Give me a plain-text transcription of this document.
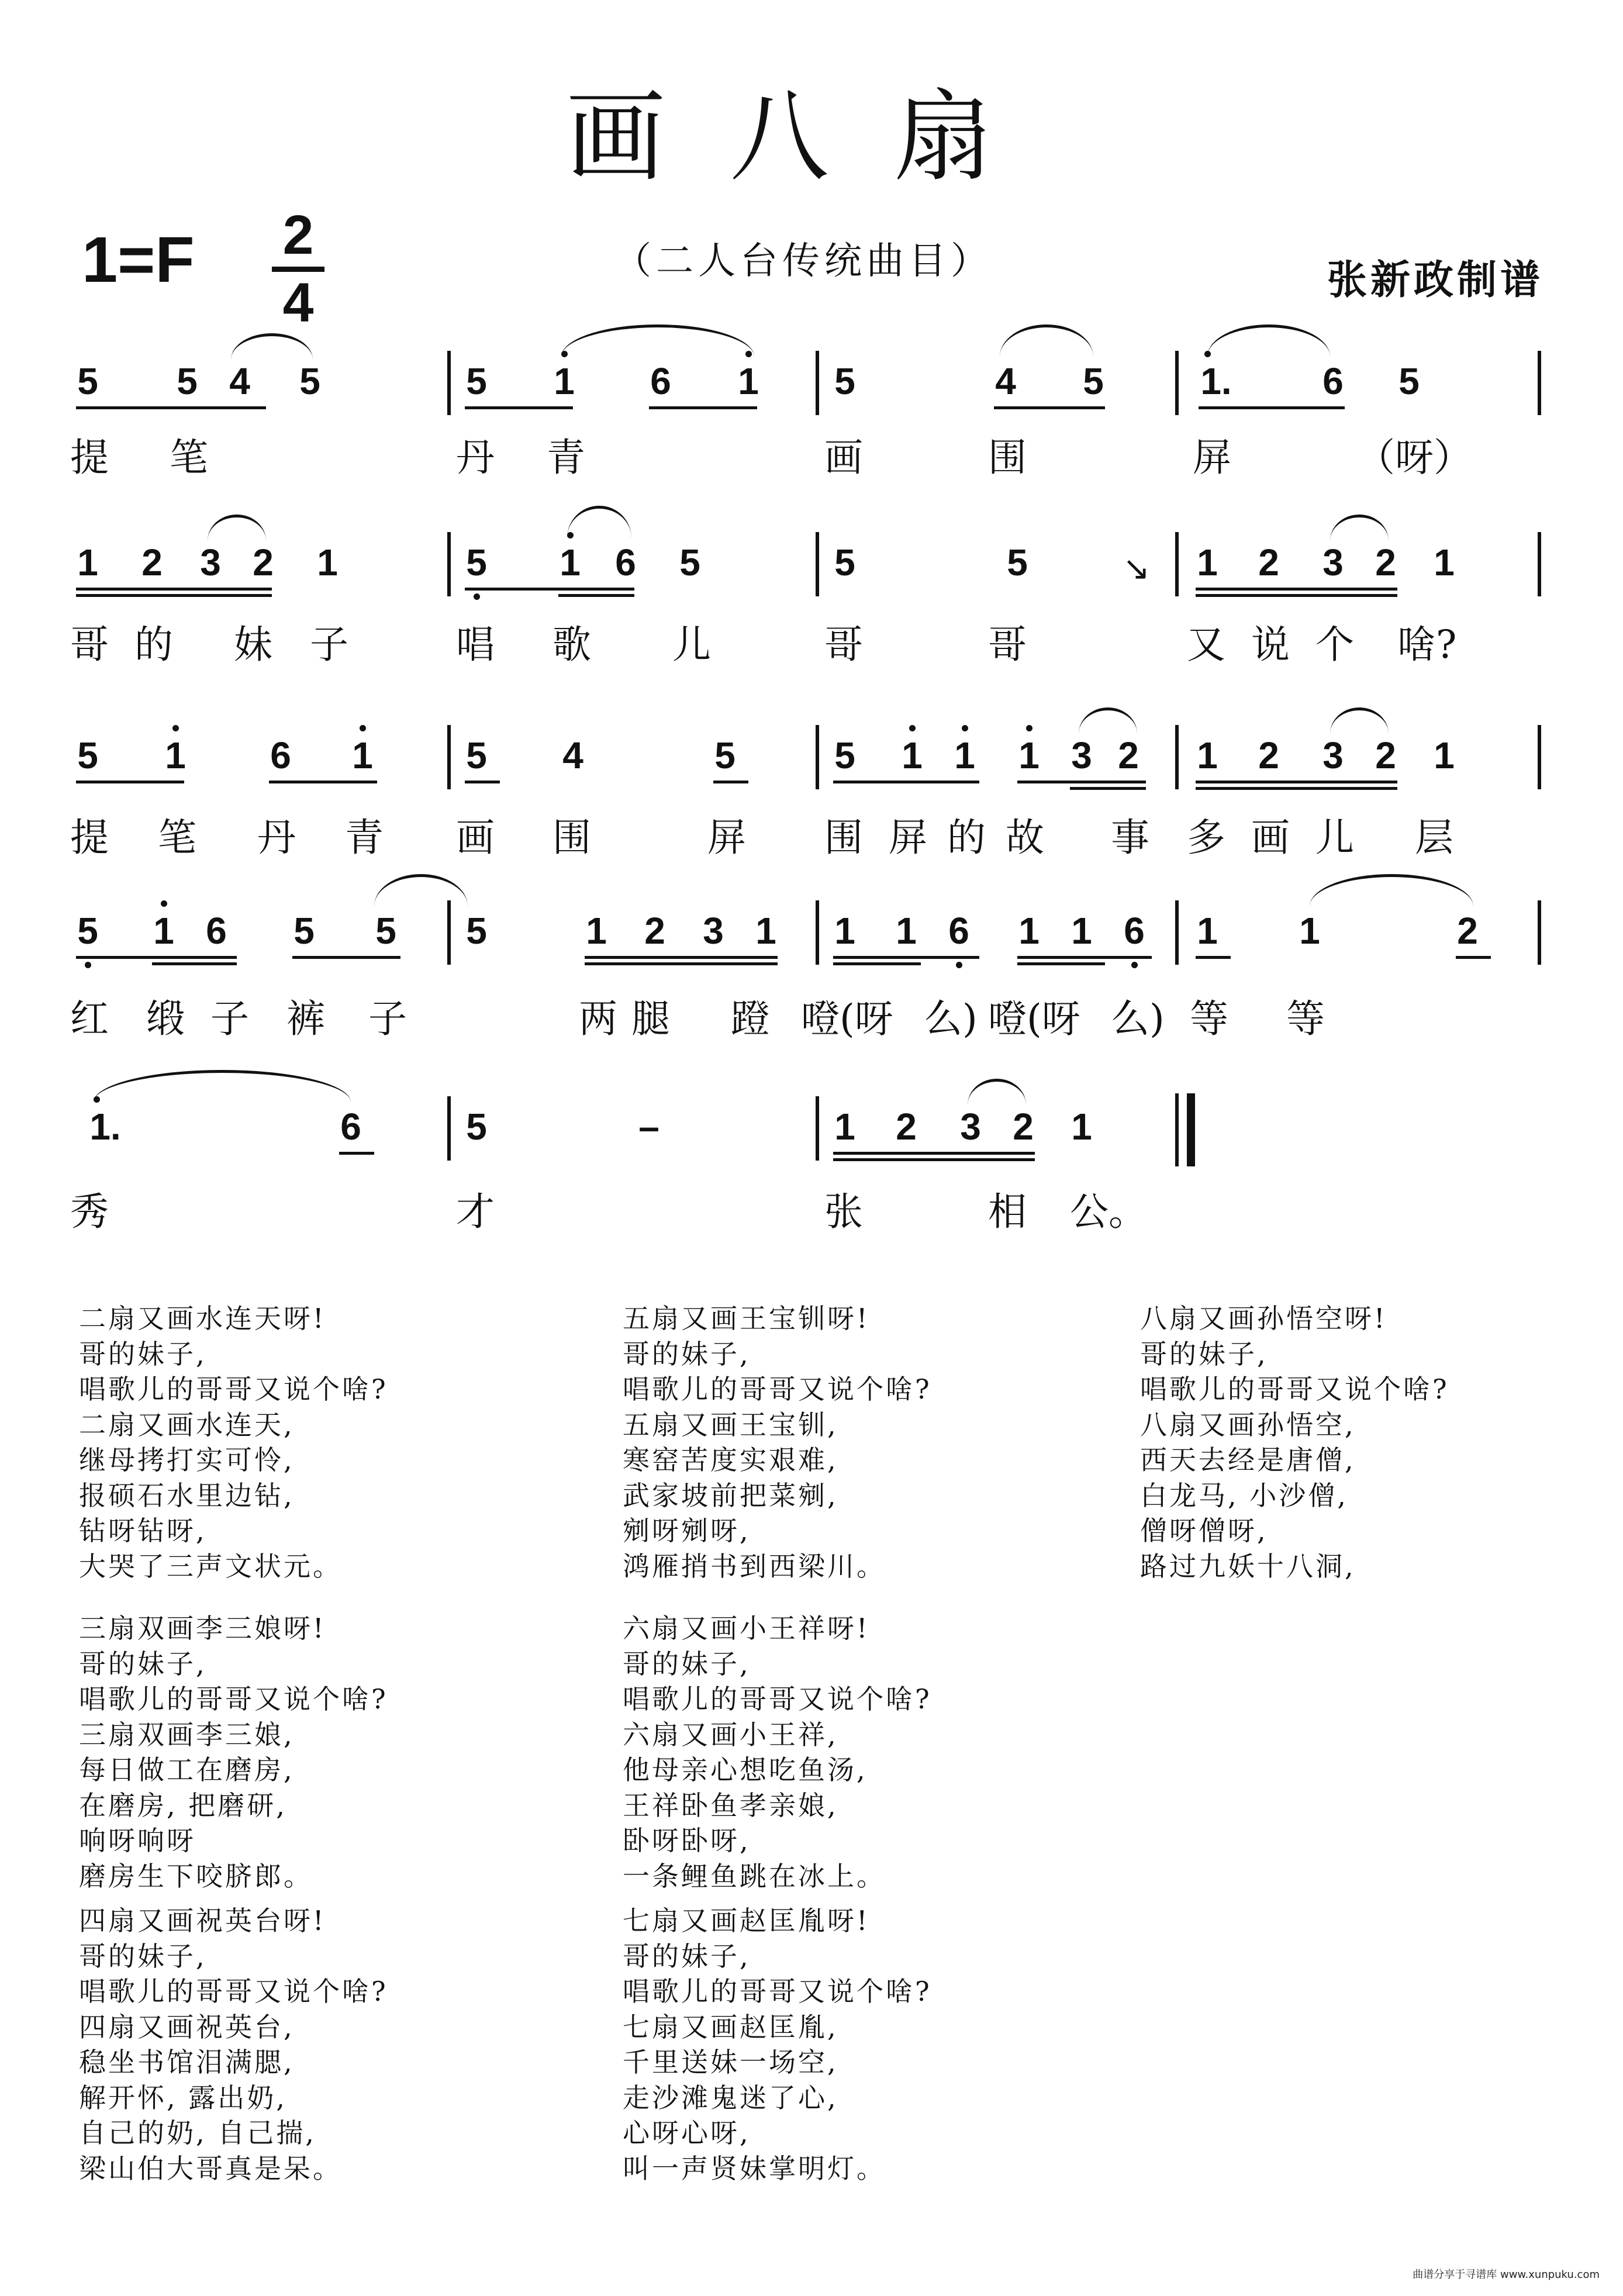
画八扇
1=F 2
4
（二人台传统曲目）	张新政制谱
5 5 4 5	5 1 6 1 5	4 5	1. 6 5
提 笔	丹 青	画	围	屏	（呀）
1 2 3 2 1	5 1 6 5	5	5	↘ 1 2 3 2 1
哥 的 妹 子	唱 歌 儿	哥	哥	又 说 个 啥?
5 1 6 1 5 4	5	5 1 1 1 3 2 1 2 3 2 1
提 笔 丹 青 画 围	屏 围 屏 的 故 事 多 画 儿 层
5 1 6 5 5 5	1 2 3 1 1 1 6 1 1 6 1 1	2
红 缎 子 裤 子	两 腿 蹬 噔(呀 么) 噔(呀 么) 等 等
1.	6	5	–	1 2 3 2 1
秀	才	张	相 公。
二扇又画水连天呀!
哥的妹子,
唱歌儿的哥哥又说个啥?
二扇又画水连天,
继母拷打实可怜,
报硕石水里边钻,
钻呀钻呀,
大哭了三声文状元。
三扇双画李三娘呀!
哥的妹子,
唱歌儿的哥哥又说个啥?
三扇双画李三娘,
每日做工在磨房,
在磨房, 把磨研,
响呀响呀
磨房生下咬脐郎。
四扇又画祝英台呀!
哥的妹子,
唱歌儿的哥哥又说个啥?
四扇又画祝英台,
稳坐书馆泪满腮,
解开怀, 露出奶,
自己的奶, 自己揣,
梁山伯大哥真是呆。
五扇又画王宝钏呀!
哥的妹子,
唱歌儿的哥哥又说个啥?
五扇又画王宝钏,
寒窑苦度实艰难,
武家坡前把菜剜,
剜呀剜呀,
鸿雁捎书到西梁川。
六扇又画小王祥呀!
哥的妹子,
唱歌儿的哥哥又说个啥?
六扇又画小王祥,
他母亲心想吃鱼汤,
王祥卧鱼孝亲娘,
卧呀卧呀,
一条鲤鱼跳在冰上。
七扇又画赵匡胤呀!
哥的妹子,
唱歌儿的哥哥又说个啥?
七扇又画赵匡胤,
千里送妹一场空,
走沙滩鬼迷了心,
心呀心呀,
叫一声贤妹掌明灯。
八扇又画孙悟空呀!
哥的妹子,
唱歌儿的哥哥又说个啥?
八扇又画孙悟空,
西天去经是唐僧,
白龙马, 小沙僧,
僧呀僧呀,
路过九妖十八洞,
曲谱分享于寻谱库 www.xunpuku.com
